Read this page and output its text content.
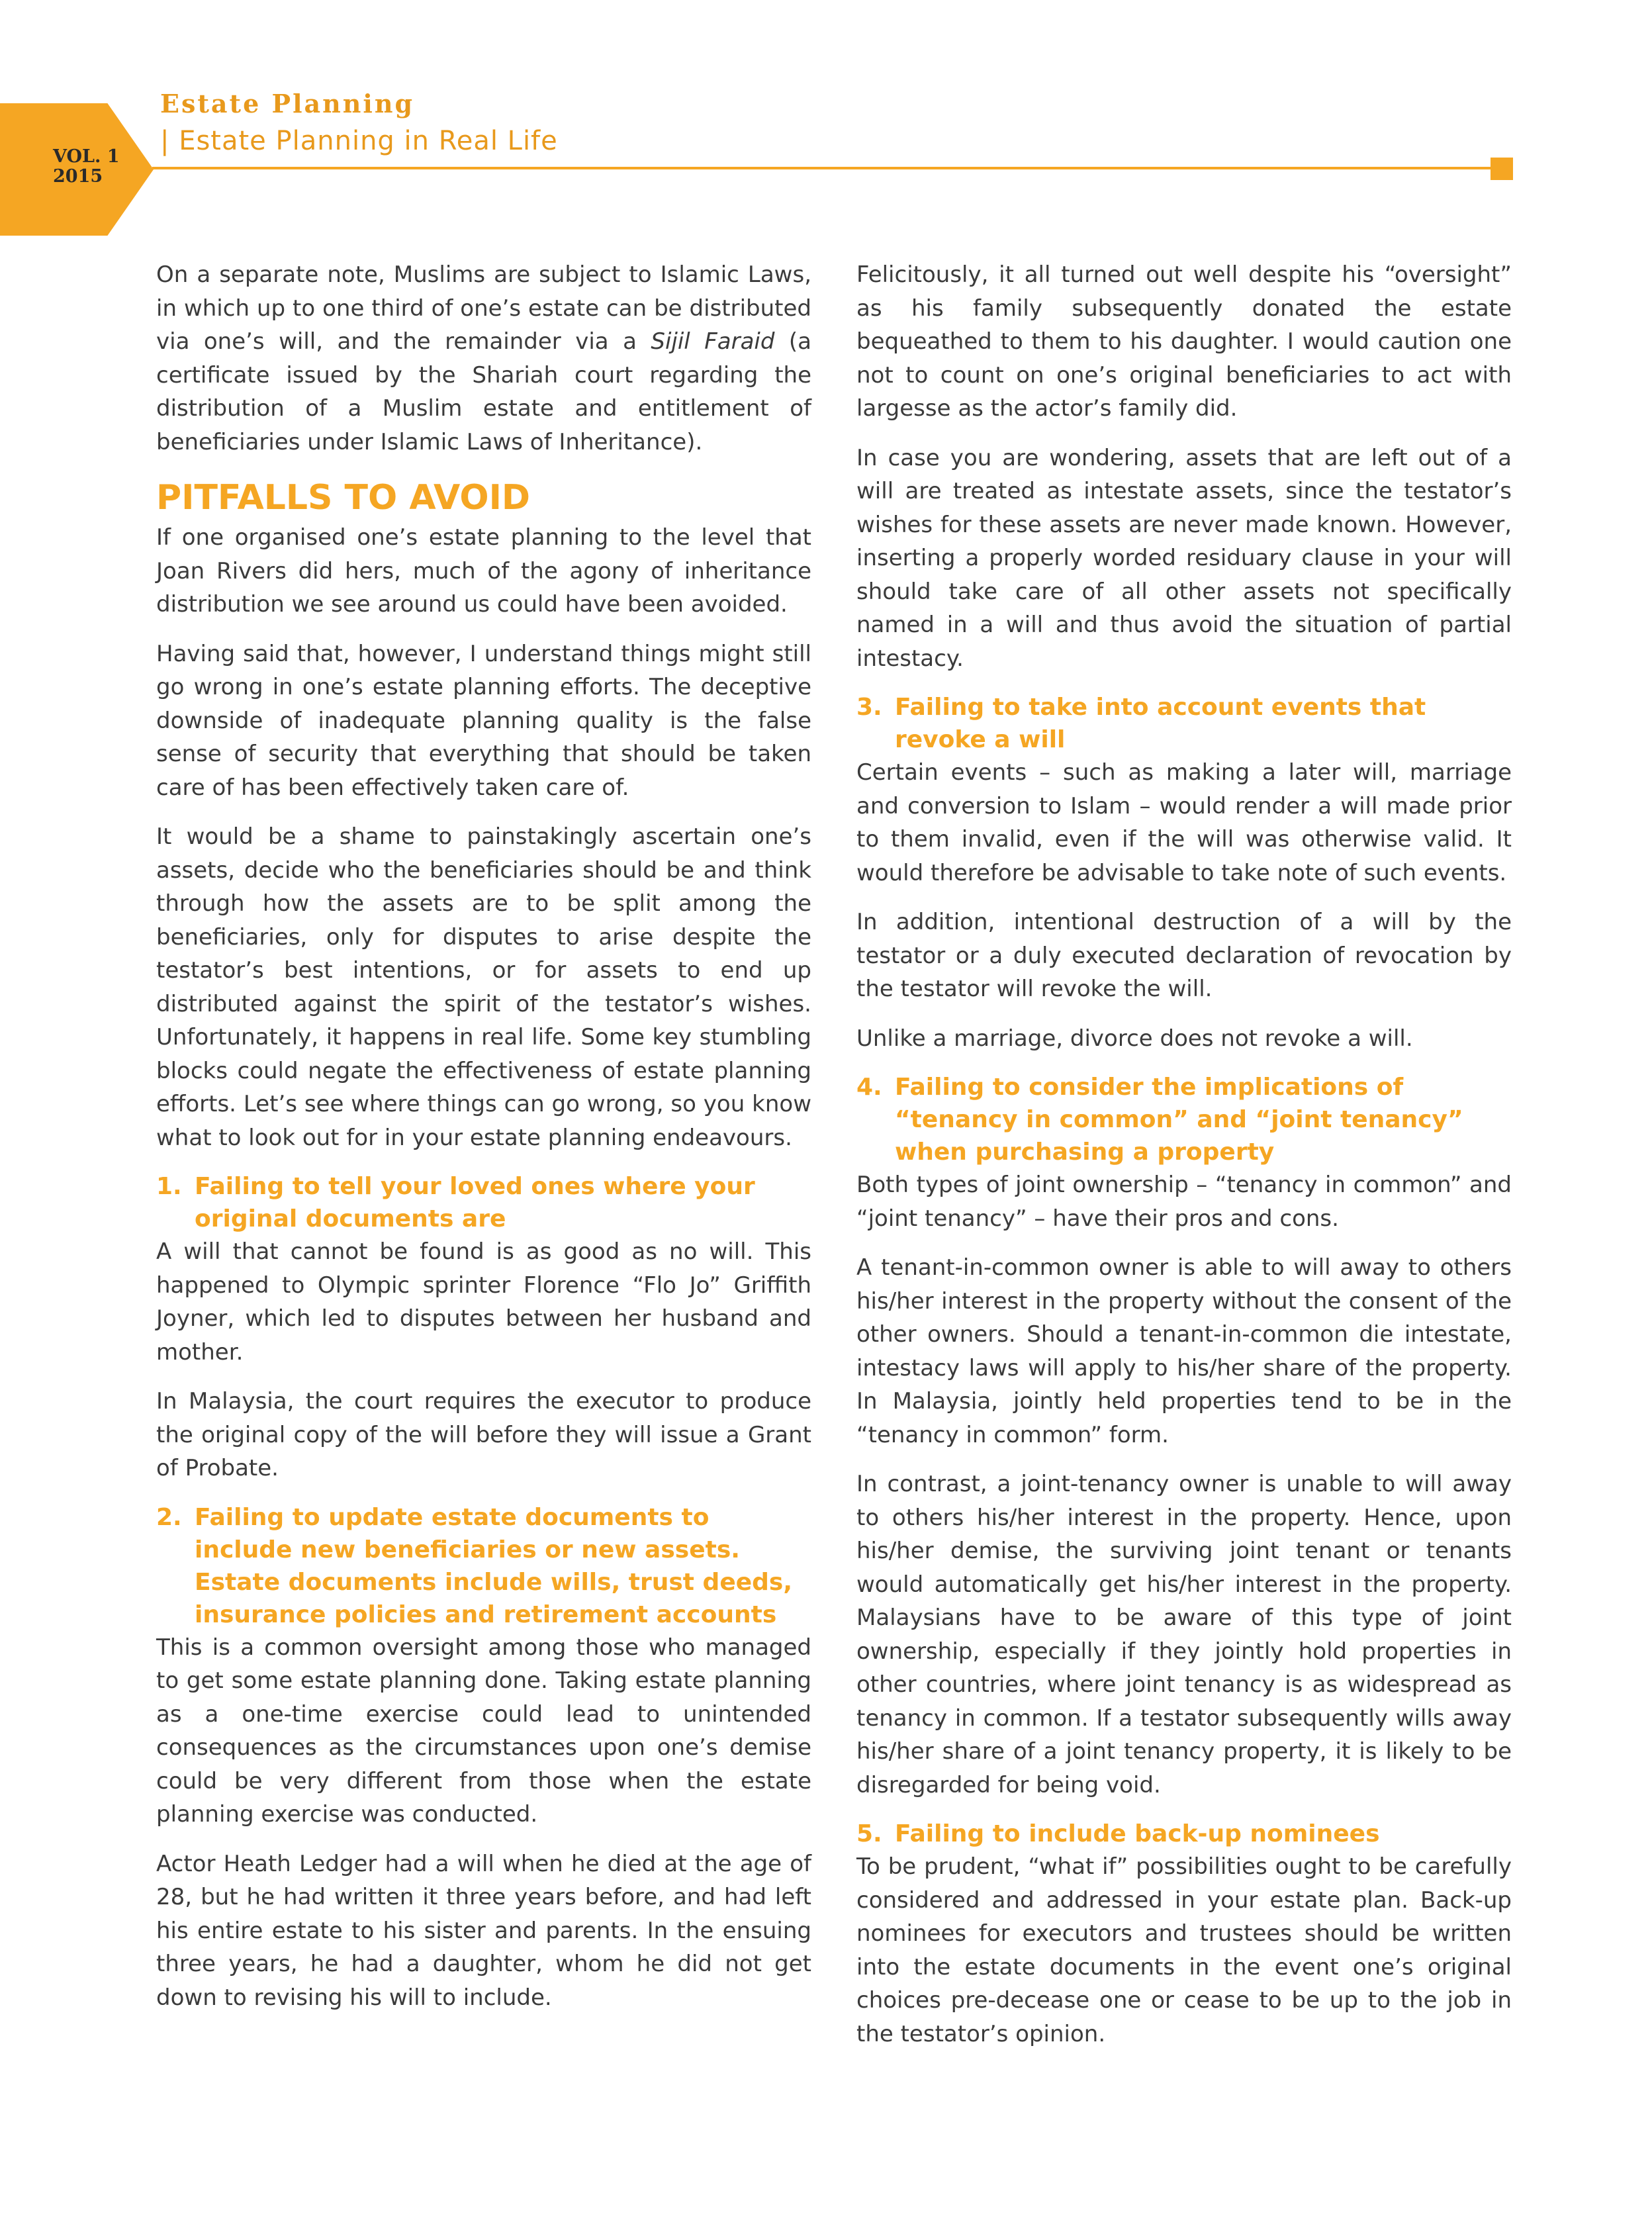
VOL. 1
2015
Estate Planning
| Estate Planning in Real Life

On a separate note, Muslims are subject to Islamic Laws, in which up to one third of one’s estate can be distributed via one’s will, and the remainder via a Sijil Faraid (a certificate issued by the Shariah court regarding the distribution of a Muslim estate and entitlement of beneficiaries under Islamic Laws of Inheritance).

PITFALLS TO AVOID

If one organised one’s estate planning to the level that Joan Rivers did hers, much of the agony of inheritance distribution we see around us could have been avoided.

Having said that, however, I understand things might still go wrong in one’s estate planning efforts. The deceptive downside of inadequate planning quality is the false sense of security that everything that should be taken care of has been effectively taken care of.

It would be a shame to painstakingly ascertain one’s assets, decide who the beneficiaries should be and think through how the assets are to be split among the beneficiaries, only for disputes to arise despite the testator’s best intentions, or for assets to end up distributed against the spirit of the testator’s wishes. Unfortunately, it happens in real life. Some key stumbling blocks could negate the effectiveness of estate planning efforts. Let’s see where things can go wrong, so you know what to look out for in your estate planning endeavours.

1. Failing to tell your loved ones where your original documents are

A will that cannot be found is as good as no will. This happened to Olympic sprinter Florence “Flo Jo” Griffith Joyner, which led to disputes between her husband and mother.

In Malaysia, the court requires the executor to produce the original copy of the will before they will issue a Grant of Probate.

2. Failing to update estate documents to include new beneficiaries or new assets. Estate documents include wills, trust deeds, insurance policies and retirement accounts

This is a common oversight among those who managed to get some estate planning done. Taking estate planning as a one-time exercise could lead to unintended consequences as the circumstances upon one’s demise could be very different from those when the estate planning exercise was conducted.

Actor Heath Ledger had a will when he died at the age of 28, but he had written it three years before, and had left his entire estate to his sister and parents. In the ensuing three years, he had a daughter, whom he did not get down to revising his will to include.

Felicitously, it all turned out well despite his “oversight” as his family subsequently donated the estate bequeathed to them to his daughter. I would caution one not to count on one’s original beneficiaries to act with largesse as the actor’s family did.

In case you are wondering, assets that are left out of a will are treated as intestate assets, since the testator’s wishes for these assets are never made known. However, inserting a properly worded residuary clause in your will should take care of all other assets not specifically named in a will and thus avoid the situation of partial intestacy.

3. Failing to take into account events that revoke a will

Certain events – such as making a later will, marriage and conversion to Islam – would render a will made prior to them invalid, even if the will was otherwise valid. It would therefore be advisable to take note of such events.

In addition, intentional destruction of a will by the testator or a duly executed declaration of revocation by the testator will revoke the will.

Unlike a marriage, divorce does not revoke a will.

4. Failing to consider the implications of “tenancy in common” and “joint tenancy” when purchasing a property

Both types of joint ownership – “tenancy in common” and “joint tenancy” – have their pros and cons.

A tenant-in-common owner is able to will away to others his/her interest in the property without the consent of the other owners. Should a tenant-in-common die intestate, intestacy laws will apply to his/her share of the property. In Malaysia, jointly held properties tend to be in the “tenancy in common” form.

In contrast, a joint-tenancy owner is unable to will away to others his/her interest in the property. Hence, upon his/her demise, the surviving joint tenant or tenants would automatically get his/her interest in the property. Malaysians have to be aware of this type of joint ownership, especially if they jointly hold properties in other countries, where joint tenancy is as widespread as tenancy in common. If a testator subsequently wills away his/her share of a joint tenancy property, it is likely to be disregarded for being void.

5. Failing to include back-up nominees

To be prudent, “what if” possibilities ought to be carefully considered and addressed in your estate plan. Back-up nominees for executors and trustees should be written into the estate documents in the event one’s original choices pre-decease one or cease to be up to the job in the testator’s opinion.
